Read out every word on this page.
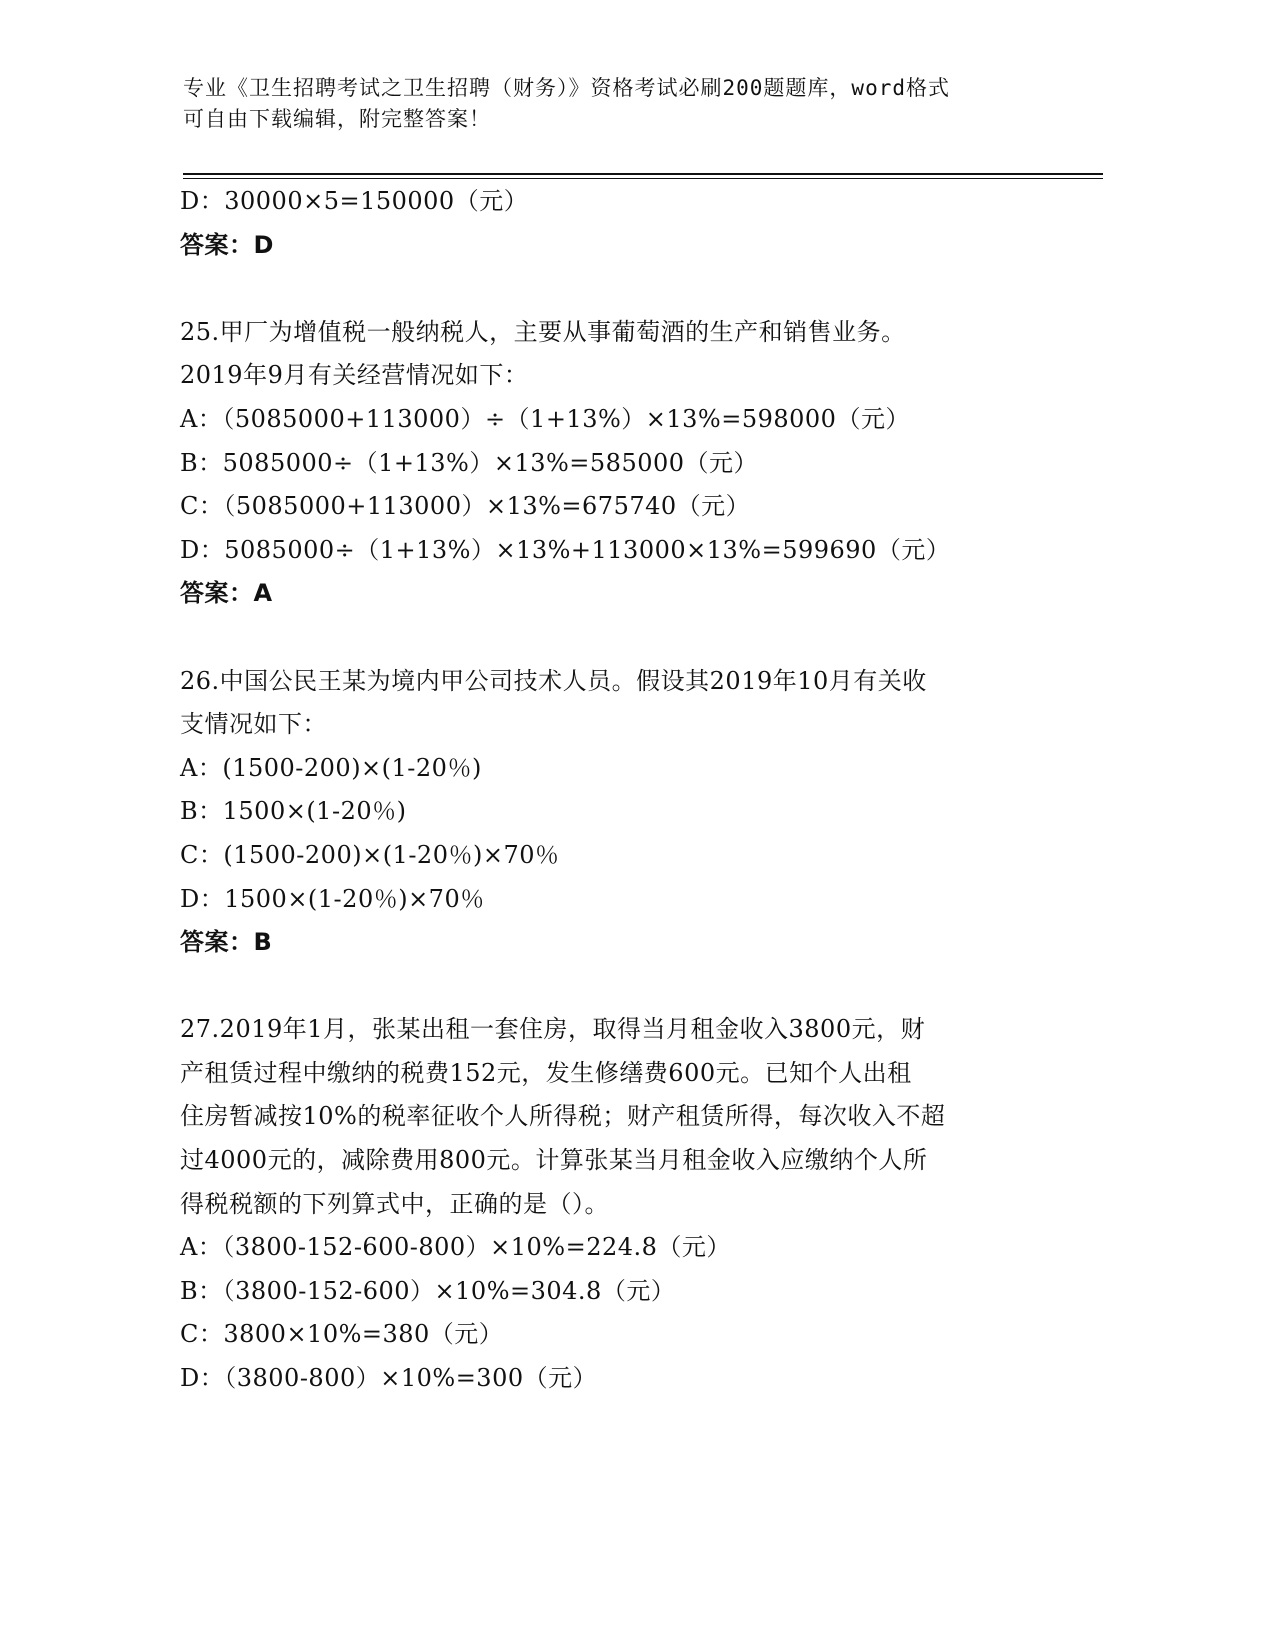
专业《卫生招聘考试之卫生招聘（财务）》资格考试必刷200题题库，word格式
可自由下载编辑，附完整答案！
D：30000×5=150000（元）
答案：D
25.甲厂为增值税一般纳税人，主要从事葡萄酒的生产和销售业务。
2019年9月有关经营情况如下：
A：（5085000+113000）÷（1+13%）×13%=598000（元）
B：5085000÷（1+13%）×13%=585000（元）
C：（5085000+113000）×13%=675740（元）
D：5085000÷（1+13%）×13%+113000×13%=599690（元）
答案：A
26.中国公民王某为境内甲公司技术人员。假设其2019年10月有关收
支情况如下：
A：(1500-200)×(1-20％)
B：1500×(1-20％)
C：(1500-200)×(1-20％)×70％
D：1500×(1-20％)×70％
答案：B
27.2019年1月，张某出租一套住房，取得当月租金收入3800元，财
产租赁过程中缴纳的税费152元，发生修缮费600元。已知个人出租
住房暂减按10%的税率征收个人所得税；财产租赁所得，每次收入不超
过4000元的，减除费用800元。计算张某当月租金收入应缴纳个人所
得税税额的下列算式中，正确的是（）。
A：（3800-152-600-800）×10%=224.8（元）
B：（3800-152-600）×10%=304.8（元）
C：3800×10%=380（元）
D：（3800-800）×10%=300（元）
